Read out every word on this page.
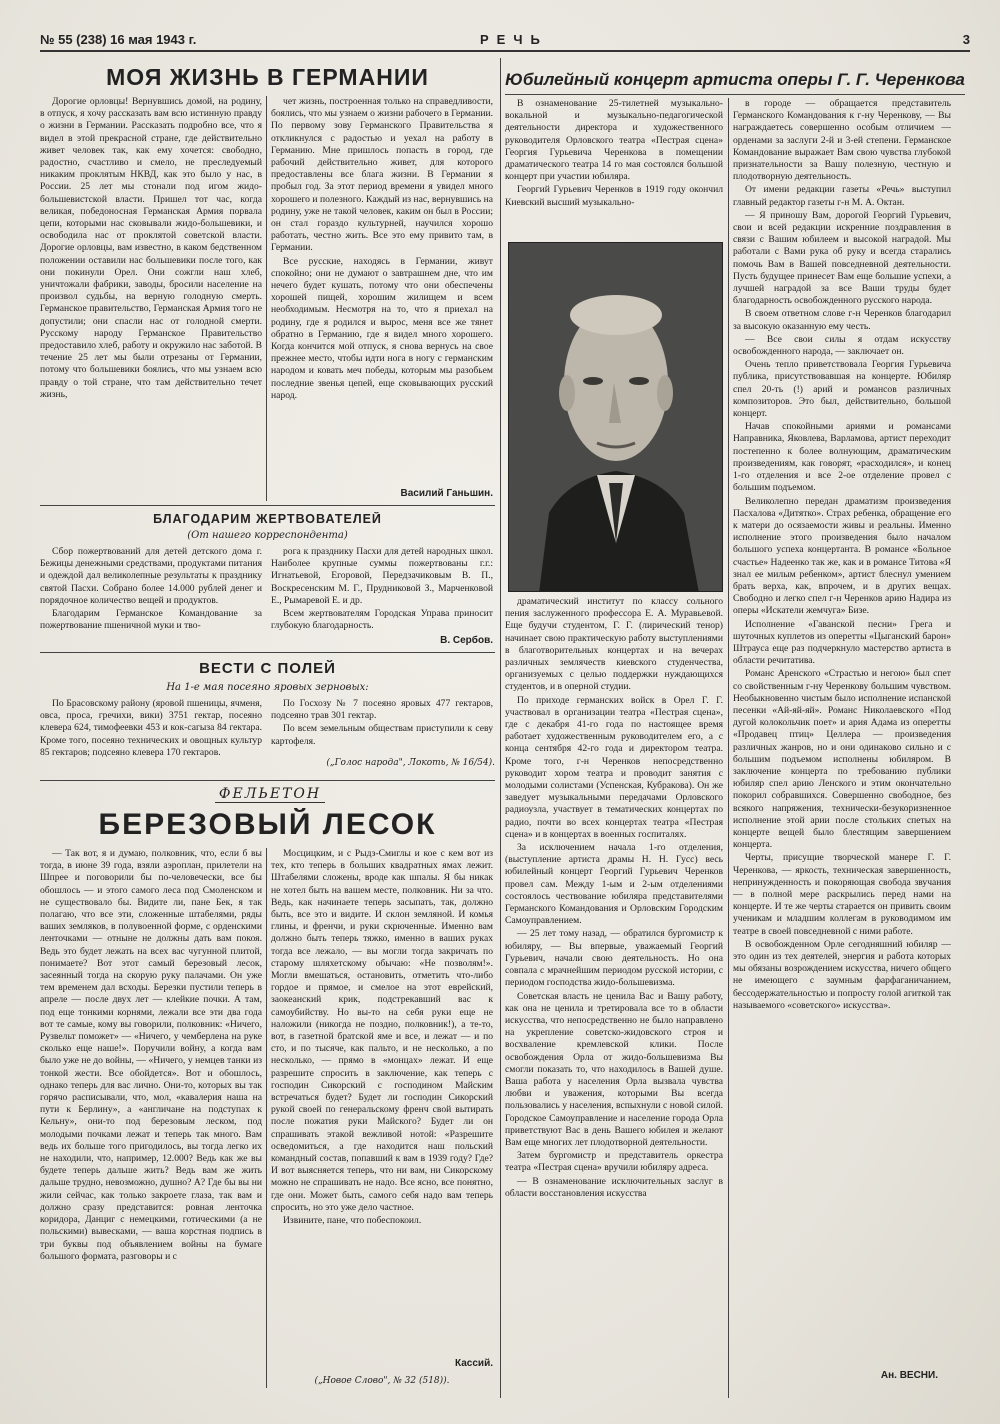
№ 55 (238) 16 мая 1943 г.	РЕЧЬ	3
МОЯ ЖИЗНЬ В ГЕРМАНИИ

Дорогие орловцы! Вернувшись домой, на родину, в отпуск, я хочу рассказать вам всю истинную правду о жизни в Германии. Рассказать подробно все, что я видел в этой прекрасной стране, где действительно живет человек так, как ему хочется: свободно, радостно, счастливо и смело, не преследуемый никаким проклятым НКВД, как это было у нас, в России. 25 лет мы стонали под игом жидо-большевистской власти. Пришел тот час, когда великая, победоносная Германская Армия порвала цепи, которыми нас сковывали жидо-большевики, и освободила нас от проклятой советской власти. Дорогие орловцы, вам известно, в каком бедственном положении оставили нас большевики после того, как они покинули Орел. Они сожгли наш хлеб, уничтожали фабрики, заводы, бросили население на произвол судьбы, на верную голодную смерть. Германское правительство, Германская Армия того не допустили; они спасли нас от голодной смерти. Русскому народу Германское Правительство предоставило хлеб, работу и окружило нас заботой. В течение 25 лет мы были отрезаны от Германии, потому что большевики боялись, что мы узнаем всю правду о той стране, что там действительно течет жизнь,

чет жизнь, построенная только на справедливости, боялись, что мы узнаем о жизни рабочего в Германии. По первому зову Германского Правительства я откликнулся с радостью и уехал на работу в Германию. Мне пришлось попасть в город, где рабочий действительно живет, для которого предоставлены все блага жизни. В Германии я пробыл год. За этот период времени я увидел много хорошего и полезного. Каждый из нас, вернувшись на родину, уже не такой человек, каким он был в России; он стал гораздо культурней, научился хорошо работать, честно жить. Все это ему привито там, в Германии.

Все русские, находясь в Германии, живут спокойно; они не думают о завтрашнем дне, что им нечего будет кушать, потому что они обеспечены хорошей пищей, хорошим жилищем и всем необходимым. Несмотря на то, что я приехал на родину, где я родился и вырос, меня все же тянет обратно в Германию, где я видел много хорошего. Когда кончится мой отпуск, я снова вернусь на свое прежнее место, чтобы идти нога в ногу с германским народом и ковать меч победы, которым мы разобьем последние звенья цепей, еще сковывающих русский народ.

Василий Ганьшин.
БЛАГОДАРИМ ЖЕРТВОВАТЕЛЕЙ
(От нашего корреспондента)

Сбор пожертвований для детей детского дома г. Бежицы денежными средствами, продуктами питания и одеждой дал великолепные результаты к празднику святой Пасхи. Собрано более 14.000 рублей денег и порядочное количество вещей и продуктов.

Благодарим Германское Командование за пожертвование пшеничной муки и тво-

рога к празднику Пасхи для детей народных школ. Наиболее крупные суммы пожертвованы г.г.: Игнатьевой, Егоровой, Передзачиковым В. П., Воскресенским М. Г., Прудниковой З., Марченковой Е., Рымаревой Е. и др.

Всем жертвователям Городская Управа приносит глубокую благодарность.

В. Сербов.
ВЕСТИ С ПОЛЕЙ
На 1-е мая посеяно яровых зерновых:

По Брасовскому району (яровой пшеницы, ячменя, овса, проса, гречихи, вики) 3751 гектар, посеяно клевера 624, тимофеевки 453 и кок-сагыза 84 гектара. Кроме того, посеяно технических и овощных культур 85 гектаров; подсеяно клевера 170 гектаров.

По Госхозу № 7 посеяно яровых 477 гектаров, подсеяно трав 301 гектар.

По всем земельным обществам приступили к севу картофеля.

(„Голос народа", Локоть, № 16/54).
ФЕЛЬЕТОН
БЕРЕЗОВЫЙ ЛЕСОК

— Так вот, я и думаю, полковник, что, если б вы тогда, в июне 39 года, взяли аэроплан, прилетели на Шпрее и поговорили бы по-человечески, все бы обошлось — и этого самого леса под Смоленском и не существовало бы. Видите ли, пане Бек, я так полагаю, что все эти, сложенные штабелями, ряды ваших земляков, в полувоенной форме, с орденскими ленточками — отныне не должны дать вам покоя. Ведь это будет лежать на всех вас чугунной плитой, понимаете? Вот этот самый березовый лесок, засеянный тогда на скорую руку палачами. Он уже тем временем дал всходы. Березки пустили теперь в апреле — после двух лет — клейкие почки. А там, под еще тонкими корнями, лежали все эти два года вот те самые, кому вы говорили, полковник: «Ничего, Рузвельт поможет» — «Ничего, у чемберлена на руке сколько еще наше!». Поручили войну, а когда вам было уже не до войны, — «Ничего, у немцев танки из тонкой жести. Все обойдется». Вот и обошлось, однако теперь для вас лично. Они-то, которых вы так горячо расписывали, что, мол, «кавалерия наша на пути к Берлину», а «англичане на подступах к Кельну», они-то под березовым леском, под молодыми почками лежат и теперь так много. Вам ведь их больше того пригодилось, вы тогда легко их не находили, что, например, 12.000? Ведь как же вы будете теперь дальше жить? Ведь вам же жить дальше трудно, невозможно, душно? А? Где бы вы ни жили сейчас, как только закроете глаза, так вам и должно сразу представится: ровная ленточка коридора, Данциг с немецкими, готическими (а не польскими) вывесками, — ваша корстная подпись в три буквы под объявлением войны на бумаге большого формата, разговоры и с

Мосцицким, и с Рыдз-Смиглы и кое с кем вот из тех, кто теперь в больших квадратных ямах лежит. Штабелями сложены, вроде как шпалы. Я бы никак не хотел быть на вашем месте, полковник. Ни за что. Ведь, как начинаете теперь засыпать, так, должно быть, все это и видите. И склон земляной. И комья глины, и френчи, и руки скрюченные. Именно вам должно быть теперь тяжко, именно в ваших руках тогда все лежало, — вы могли тогда закричать по старому шляхетскому обычаю: «Не позволям!». Могли вмешаться, остановить, отметить что-либо гордое и прямое, и смелое на этот еврейский, заокеанский крик, подстрекавший вас к самоубийству. Но вы-то на себя руки еще не наложили (никогда не поздно, полковник!), а те-то, вот, в газетной братской яме и все, и лежат — и по сто, и по тысяче, как пальто, и не несколько, а по несколько, — прямо в «монцах» лежат. И еще разрешите спросить в заключение, как теперь с господин Сикорский с господином Майским встречаться будет? Будет ли господин Сикорский рукой своей по генеральскому френч свой вытирать после пожатия руки Майского? Будет ли он спрашивать этакой вежливой нотой: «Разрешите осведомиться, а где находится наш польский командный состав, попавший к вам в 1939 году? Где? И вот выясняется теперь, что ни вам, ни Сикорскому можно не спрашивать не надо. Все ясно, все понятно, где они. Может быть, самого себя надо вам теперь спросить, но это уже дело частное.

Извините, пане, что побеспокоил.

Кассий.
(„Новое Слово", № 32 (518)).
Юбилейный концерт артиста оперы Г. Г. Черенкова

В ознаменование 25-тилетней музыкально-вокальной и музыкально-педагогической деятельности директора и художественного руководителя Орловского театра «Пестрая сцена» Георгия Гурьевича Черенкова в помещении драматического театра 14 го мая состоялся большой концерт при участии юбиляра.

Георгий Гурьевич Черенков в 1919 году окончил Киевский высший музыкально-

драматический институт по классу сольного пения заслуженного профессора Е. А. Муравьевой. Еще будучи студентом, Г. Г. (лирический тенор) начинает свою практическую работу выступлениями в благотворительных концертах и на вечерах различных землячеств киевского студенчества, организуемых с целью поддержки нуждающихся студентов, и в оперной студии.

По приходе германских войск в Орел Г. Г. участвовал в организации театра «Пестрая сцена», где с декабря 41-го года по настоящее время работает художественным руководителем его, а с конца сентября 42-го года и директором театра. Кроме того, г-н Черенков непосредственно руководит хором театра и проводит занятия с молодыми солистами (Успенская, Кубракова). Он же заведует музыкальными передачами Орловского радиоузла, участвует в тематических концертах по радио, почти во всех концертах театра «Пестрая сцена» и в концертах в военных госпиталях.

За исключением начала 1-го отделения, (выступление артиста драмы Н. Н. Гусс) весь юбилейный концерт Георгий Гурьевич Черенков провел сам. Между 1-ым и 2-ым отделениями состоялось чествование юбиляра представителями Германского Командования и Орловским Городским Самоуправлением.

— 25 лет тому назад, — обратился бургомистр к юбиляру, — Вы впервые, уважаемый Георгий Гурьевич, начали свою деятельность. Но она совпала с мрачнейшим периодом русской истории, с периодом господства жидо-большевизма.

Советская власть не ценила Вас и Вашу работу, как она не ценила и третировала все то в области искусства, что непосредственно не было направлено на укрепление советско-жидовского строя и восхваление кремлевской клики. После освобождения Орла от жидо-большевизма Вы смогли показать то, что находилось в Вашей душе. Ваша работа у населения Орла вызвала чувства любви и уважения, которыми Вы всегда пользовались у населения, вспыхнули с новой силой. Городское Самоуправление и население города Орла приветствуют Вас в день Вашего юбилея и желают Вам еще многих лет плодотворной деятельности.

Затем бургомистр и представитель оркестра театра «Пестрая сцена» вручили юбиляру адреса.

— В ознаменование исключительных заслуг в области восстановления искусства

в городе — обращается представитель Германского Командования к г-ну Черенкову, — Вы награждаетесь совершенно особым отличием — орденами за заслуги 2-й и 3-ей степени. Германское Командование выражает Вам свою чувства глубокой признательности за Вашу полезную, честную и плодотворную деятельность.

От имени редакции газеты «Речь» выступил главный редактор газеты г-н М. А. Октан.

— Я приношу Вам, дорогой Георгий Гурьевич, свои и всей редакции искренние поздравления в связи с Вашим юбилеем и высокой наградой. Мы работали с Вами рука об руку и всегда старались помочь Вам в Вашей повседневной деятельности. Пусть будущее принесет Вам еще большие успехи, а лучшей наградой за все Ваши труды будет благодарность освобожденного русского народа.

В своем ответном слове г-н Черенков благодарил за высокую оказанную ему честь.

— Все свои силы я отдам искусству освобожденного народа, — заключает он.

Очень тепло приветствовала Георгия Гурьевича публика, присутствовавшая на концерте. Юбиляр спел 20-ть (!) арий и романсов различных композиторов. Это был, действительно, большой концерт.

Начав спокойными ариями и романсами Направника, Яковлева, Варламова, артист переходит постепенно к более волнующим, драматическим произведениям, как говорят, «расходился», и конец 1-го отделения и все 2-ое отделение провел с большим подъемом.

Великолепно передан драматизм произведения Пасхалова «Дитятко». Страх ребенка, обращение его к матери до осязаемости живы и реальны. Именно исполнение этого произведения было началом большого успеха концертанта. В романсе «Больное счастье» Надеенко так же, как и в романсе Титова «Я знал ее милым ребенком», артист блеснул умением брать верха, как, впрочем, и в других вещах. Свободно и легко спел г-н Черенков арию Надира из оперы «Искатели жемчуга» Бизе.

Исполнение «Гаванской песни» Грега и шуточных куплетов из оперетты «Цыганский барон» Штрауса еще раз подчеркнуло мастерство артиста в области речитатива.

Романс Аренского «Страстью и негою» был спет со свойственным г-ну Черенкову большим чувством. Необыкновенно чистым было исполнение испанской песенки «Ай-яй-яй». Романс Николаевского «Под дугой колокольчик поет» и ария Адама из оперетты «Продавец птиц» Целлера — произведения различных жанров, но и они одинаково сильно и с большим подъемом исполнены юбиляром. В заключение концерта по требованию публики юбиляр спел арию Ленского и этим окончательно покорил собравшихся. Совершенно свободное, без всякого напряжения, технически-безукоризненное исполнение этой арии после стольких спетых на концерте вещей было блестящим завершением концерта.

Черты, присущие творческой манере Г. Г. Черенкова, — яркость, техническая завершенность, непринужденность и покоряющая свобода звучания — в полной мере раскрылись перед нами на концерте. И те же черты старается он привить своим ученикам и младшим коллегам в руководимом им театре в своей повседневной с ними работе.

В освобожденном Орле сегодняшний юбиляр — это один из тех деятелей, энергия и работа которых мы обязаны возрождением искусства, ничего общего не имеющего с заумным фарфаганичанием, бессодержательностью и попросту голой агиткой так называемого «советского» искусства».

Ан. ВЕСНИ.
